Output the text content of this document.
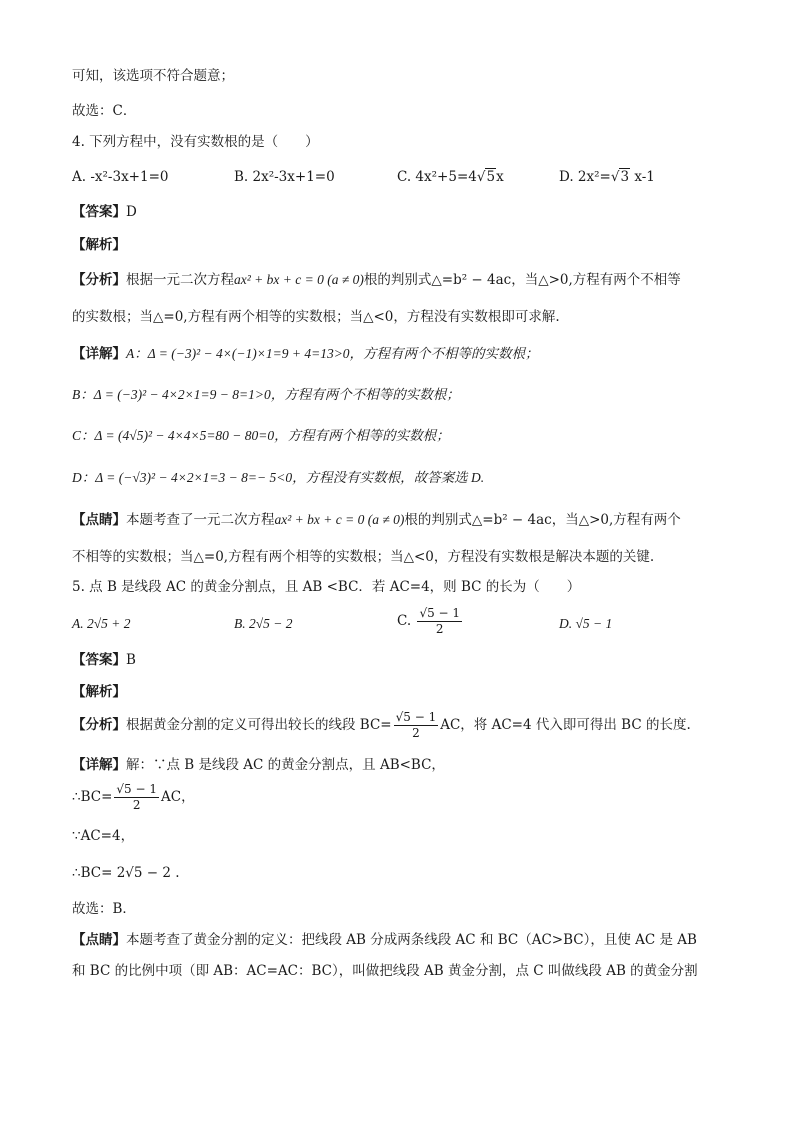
可知，该选项不符合题意；
故选：C．
4. 下列方程中，没有实数根的是（　　）
A. -x²-3x+1=0	B. 2x²-3x+1=0	C. 4x²+5=4√5x	D. 2x²=√3 x-1
【答案】D
【解析】
【分析】根据一元二次方程ax² + bx + c = 0 (a ≠ 0)根的判别式△=b² − 4ac，当△>0,方程有两个不相等
的实数根；当△=0,方程有两个相等的实数根；当△<0，方程没有实数根即可求解.
【详解】A：Δ = (−3)² − 4×(−1)×1=9 + 4=13>0，方程有两个不相等的实数根；
B：Δ = (−3)² − 4×2×1=9 − 8=1>0，方程有两个不相等的实数根；
C：Δ = (4√5)² − 4×4×5=80 − 80=0，方程有两个相等的实数根；
D：Δ = (−√3)² − 4×2×1=3 − 8=− 5<0，方程没有实数根，故答案选 D.
【点睛】本题考查了一元二次方程ax² + bx + c = 0 (a ≠ 0)根的判别式△=b² − 4ac，当△>0,方程有两个
不相等的实数根；当△=0,方程有两个相等的实数根；当△<0，方程没有实数根是解决本题的关键.
5. 点 B 是线段 AC 的黄金分割点，且 AB <BC．若 AC=4，则 BC 的长为（　　）
A. 2√5 + 2	B. 2√5 − 2	C. $\frac{√5 - 1}{2}$	D. √5 − 1
【答案】B
【解析】
【分析】根据黄金分割的定义可得出较长的线段 $BC= \frac{√5 - 1}{2}$ AC，将 AC=4 代入即可得出 BC 的长度.
【详解】解：∵点 B 是线段 AC 的黄金分割点，且 AB<BC，
∴BC= $\frac{√5 - 1}{2}$ AC，
∵AC=4，
∴BC= 2√5 − 2 .
故选：B．
【点睛】本题考查了黄金分割的定义：把线段 AB 分成两条线段 AC 和 BC（AC>BC），且使 AC 是 AB
和 BC 的比例中项（即 AB：AC=AC：BC），叫做把线段 AB 黄金分割，点 C 叫做线段 AB 的黄金分割
